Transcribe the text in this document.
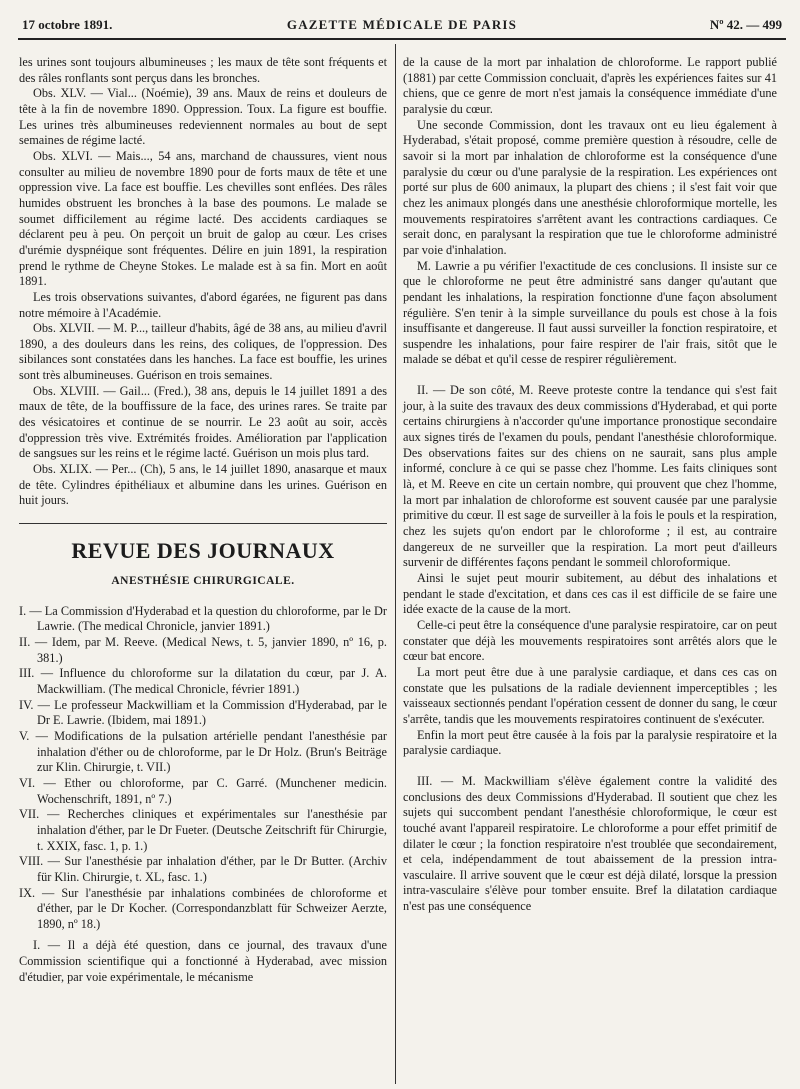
17 octobre 1891.	GAZETTE MÉDICALE DE PARIS	Nº 42. — 499

les urines sont toujours albumineuses ; les maux de tête sont fréquents et des râles ronflants sont perçus dans les bronches.

Obs. XLV. — Vial... (Noémie), 39 ans. Maux de reins et douleurs de tête à la fin de novembre 1890. Oppression. Toux. La figure est bouffie. Les urines très albumineuses redeviennent normales au bout de sept semaines de régime lacté.

Obs. XLVI. — Mais..., 54 ans, marchand de chaussures, vient nous consulter au milieu de novembre 1890 pour de forts maux de tête et une oppression vive. La face est bouffie. Les chevilles sont enflées. Des râles humides obstruent les bronches à la base des poumons. Le malade se soumet difficilement au régime lacté. Des accidents cardiaques se déclarent peu à peu. On perçoit un bruit de galop au cœur. Les crises d'urémie dyspnéique sont fréquentes. Délire en juin 1891, la respiration prend le rythme de Cheyne Stokes. Le malade est à sa fin. Mort en août 1891.

Les trois observations suivantes, d'abord égarées, ne figurent pas dans notre mémoire à l'Académie.

Obs. XLVII. — M. P..., tailleur d'habits, âgé de 38 ans, au milieu d'avril 1890, a des douleurs dans les reins, des coliques, de l'oppression. Des sibilances sont constatées dans les hanches. La face est bouffie, les urines sont très albumineuses. Guérison en trois semaines.

Obs. XLVIII. — Gail... (Fred.), 38 ans, depuis le 14 juillet 1891 a des maux de tête, de la bouffissure de la face, des urines rares. Se traite par des vésicatoires et continue de se nourrir. Le 23 août au soir, accès d'oppression très vive. Extrémités froides. Amélioration par l'application de sangsues sur les reins et le régime lacté. Guérison un mois plus tard.

Obs. XLIX. — Per... (Ch), 5 ans, le 14 juillet 1890, anasarque et maux de tête. Cylindres épithéliaux et albumine dans les urines. Guérison en huit jours.

REVUE DES JOURNAUX
ANESTHÉSIE CHIRURGICALE.

I. — La Commission d'Hyderabad et la question du chloroforme, par le Dr Lawrie. (The medical Chronicle, janvier 1891.)

II. — Idem, par M. Reeve. (Medical News, t. 5, janvier 1890, nº 16, p. 381.)

III. — Influence du chloroforme sur la dilatation du cœur, par J. A. Mackwilliam. (The medical Chronicle, février 1891.)

IV. — Le professeur Mackwilliam et la Commission d'Hyderabad, par le Dr E. Lawrie. (Ibidem, mai 1891.)

V. — Modifications de la pulsation artérielle pendant l'anesthésie par inhalation d'éther ou de chloroforme, par le Dr Holz. (Brun's Beiträge zur Klin. Chirurgie, t. VII.)

VI. — Ether ou chloroforme, par C. Garré. (Munchener medicin. Wochenschrift, 1891, nº 7.)

VII. — Recherches cliniques et expérimentales sur l'anesthésie par inhalation d'éther, par le Dr Fueter. (Deutsche Zeitschrift für Chirurgie, t. XXIX, fasc. 1, p. 1.)

VIII. — Sur l'anesthésie par inhalation d'éther, par le Dr Butter. (Archiv für Klin. Chirurgie, t. XL, fasc. 1.)

IX. — Sur l'anesthésie par inhalations combinées de chloroforme et d'éther, par le Dr Kocher. (Correspondanzblatt für Schweizer Aerzte, 1890, nº 18.)

I. — Il a déjà été question, dans ce journal, des travaux d'une Commission scientifique qui a fonctionné à Hyderabad, avec mission d'étudier, par voie expérimentale, le mécanisme

de la cause de la mort par inhalation de chloroforme. Le rapport publié (1881) par cette Commission concluait, d'après les expériences faites sur 41 chiens, que ce genre de mort n'est jamais la conséquence immédiate d'une paralysie du cœur.

Une seconde Commission, dont les travaux ont eu lieu également à Hyderabad, s'était proposé, comme première question à résoudre, celle de savoir si la mort par inhalation de chloroforme est la conséquence d'une paralysie du cœur ou d'une paralysie de la respiration. Les expériences ont porté sur plus de 600 animaux, la plupart des chiens ; il s'est fait voir que chez les animaux plongés dans une anesthésie chloroformique mortelle, les mouvements respiratoires s'arrêtent avant les contractions cardiaques. Ce serait donc, en paralysant la respiration que tue le chloroforme administré par voie d'inhalation.

M. Lawrie a pu vérifier l'exactitude de ces conclusions. Il insiste sur ce que le chloroforme ne peut être administré sans danger qu'autant que pendant les inhalations, la respiration fonctionne d'une façon absolument régulière. S'en tenir à la simple surveillance du pouls est chose à la fois insuffisante et dangereuse. Il faut aussi surveiller la fonction respiratoire, et suspendre les inhalations, pour faire respirer de l'air frais, sitôt que le malade se débat et qu'il cesse de respirer régulièrement.

II. — De son côté, M. Reeve proteste contre la tendance qui s'est fait jour, à la suite des travaux des deux commissions d'Hyderabad, et qui porte certains chirurgiens à n'accorder qu'une importance pronostique secondaire aux signes tirés de l'examen du pouls, pendant l'anesthésie chloroformique. Des observations faites sur des chiens on ne saurait, sans plus ample informé, conclure à ce qui se passe chez l'homme. Les faits cliniques sont là, et M. Reeve en cite un certain nombre, qui prouvent que chez l'homme, la mort par inhalation de chloroforme est souvent causée par une paralysie primitive du cœur. Il est sage de surveiller à la fois le pouls et la respiration, chez les sujets qu'on endort par le chloroforme ; il est, au contraire dangereux de ne surveiller que la respiration. La mort peut d'ailleurs survenir de différentes façons pendant le sommeil chloroformique.

Ainsi le sujet peut mourir subitement, au début des inhalations et pendant le stade d'excitation, et dans ces cas il est difficile de se faire une idée exacte de la cause de la mort.

Celle-ci peut être la conséquence d'une paralysie respiratoire, car on peut constater que déjà les mouvements respiratoires sont arrêtés alors que le cœur bat encore.

La mort peut être due à une paralysie cardiaque, et dans ces cas on constate que les pulsations de la radiale deviennent imperceptibles ; les vaisseaux sectionnés pendant l'opération cessent de donner du sang, le cœur s'arrête, tandis que les mouvements respiratoires continuent de s'exécuter.

Enfin la mort peut être causée à la fois par la paralysie respiratoire et la paralysie cardiaque.

III. — M. Mackwilliam s'élève également contre la validité des conclusions des deux Commissions d'Hyderabad. Il soutient que chez les sujets qui succombent pendant l'anesthésie chloroformique, le cœur est touché avant l'appareil respiratoire. Le chloroforme a pour effet primitif de dilater le cœur ; la fonction respiratoire n'est troublée que secondairement, et cela, indépendamment de tout abaissement de la pression intra-vasculaire. Il arrive souvent que le cœur est déjà dilaté, lorsque la pression intra-vasculaire s'élève pour tomber ensuite. Bref la dilatation cardiaque n'est pas une conséquence
